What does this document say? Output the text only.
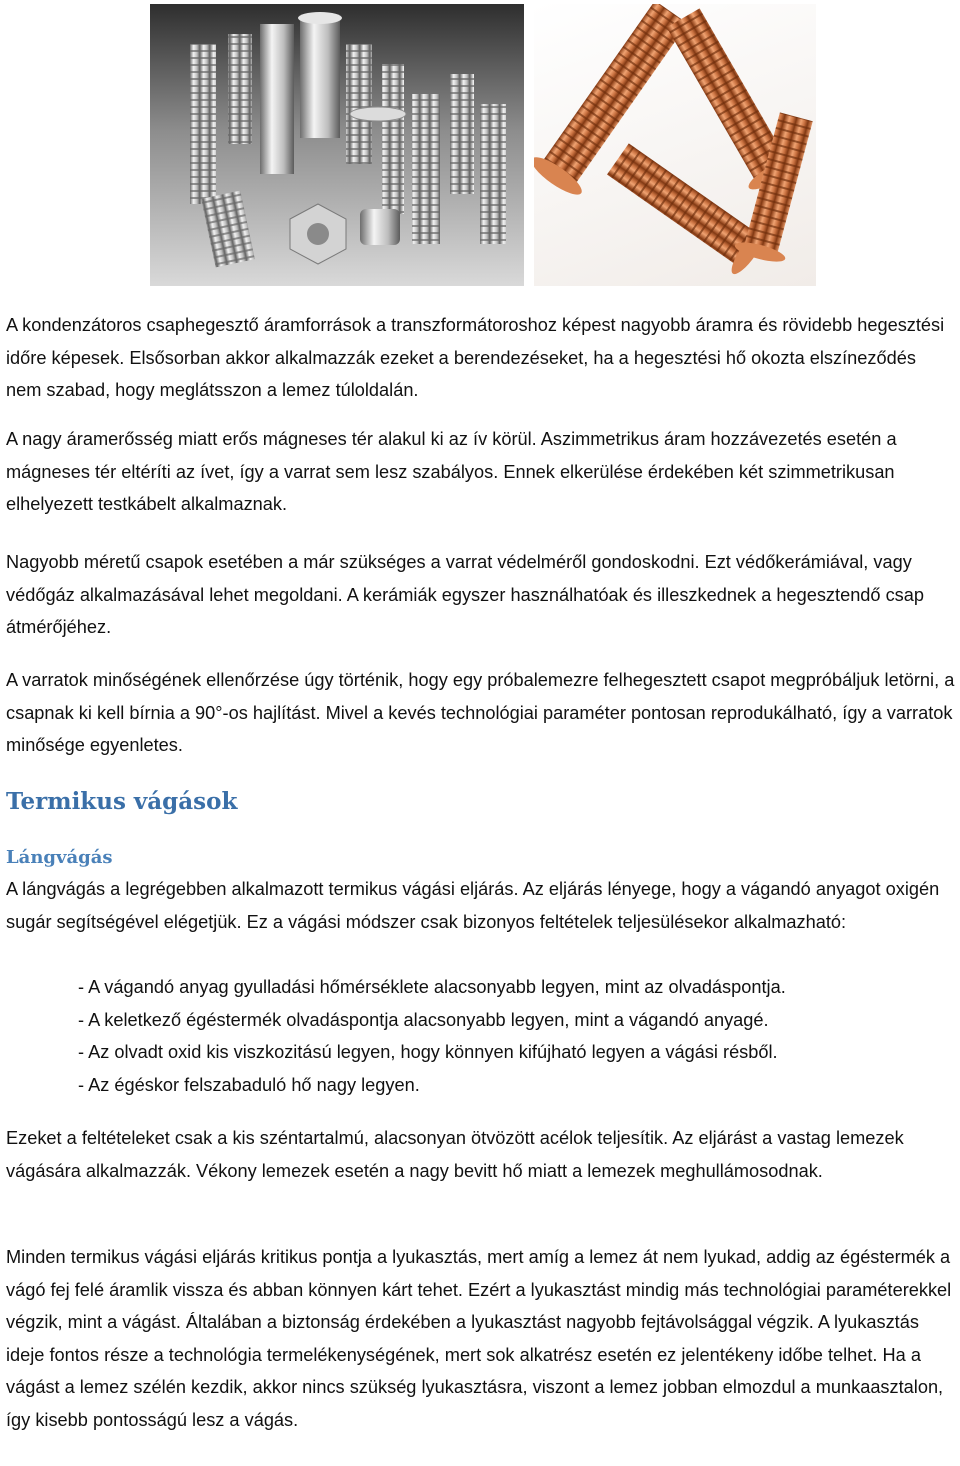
A kondenzátoros csaphegesztő áramforrások a transzformátoroshoz képest nagyobb áramra és rövidebb hegesztési időre képesek. Elsősorban akkor alkalmazzák ezeket a berendezéseket, ha a hegesztési hő okozta elszíneződés nem szabad, hogy meglátsszon a lemez túloldalán.

A nagy áramerősség miatt erős mágneses tér alakul ki az ív körül. Aszimmetrikus áram hozzávezetés esetén a mágneses tér eltéríti az ívet, így a varrat sem lesz szabályos. Ennek elkerülése érdekében két szimmetrikusan elhelyezett testkábelt alkalmaznak.

Nagyobb méretű csapok esetében a már szükséges a varrat védelméről gondoskodni. Ezt védőkerámiával, vagy védőgáz alkalmazásával lehet megoldani. A kerámiák egyszer használhatóak és illeszkednek a hegesztendő csap átmérőjéhez.

A varratok minőségének ellenőrzése úgy történik, hogy egy próbalemezre felhegesztett csapot megpróbáljuk letörni, a csapnak ki kell bírnia a 90°-os hajlítást. Mivel a kevés technológiai paraméter pontosan reprodukálható, így a varratok minősége egyenletes.

Termikus vágások
Lángvágás

A lángvágás a legrégebben alkalmazott termikus vágási eljárás. Az eljárás lényege, hogy a vágandó anyagot oxigén sugár segítségével elégetjük. Ez a vágási módszer csak bizonyos feltételek teljesülésekor alkalmazható:

- A vágandó anyag gyulladási hőmérséklete alacsonyabb legyen, mint az olvadáspontja.
- A keletkező égéstermék olvadáspontja alacsonyabb legyen, mint a vágandó anyagé.
- Az olvadt oxid kis viszkozitású legyen, hogy könnyen kifújható legyen a vágási résből.
- Az égéskor felszabaduló hő nagy legyen.

Ezeket a feltételeket csak a kis széntartalmú, alacsonyan ötvözött acélok teljesítik. Az eljárást a vastag lemezek vágására alkalmazzák. Vékony lemezek esetén a nagy bevitt hő miatt a lemezek meghullámosodnak.

Minden termikus vágási eljárás kritikus pontja a lyukasztás, mert amíg a lemez át nem lyukad, addig az égéstermék a vágó fej felé áramlik vissza és abban könnyen kárt tehet. Ezért a lyukasztást mindig más technológiai paraméterekkel végzik, mint a vágást. Általában a biztonság érdekében a lyukasztást nagyobb fejtávolsággal végzik. A lyukasztás ideje fontos része a technológia termelékenységének, mert sok alkatrész esetén ez jelentékeny időbe telhet. Ha a vágást a lemez szélén kezdik, akkor nincs szükség lyukasztásra, viszont a lemez jobban elmozdul a munkaasztalon, így kisebb pontosságú lesz a vágás.
